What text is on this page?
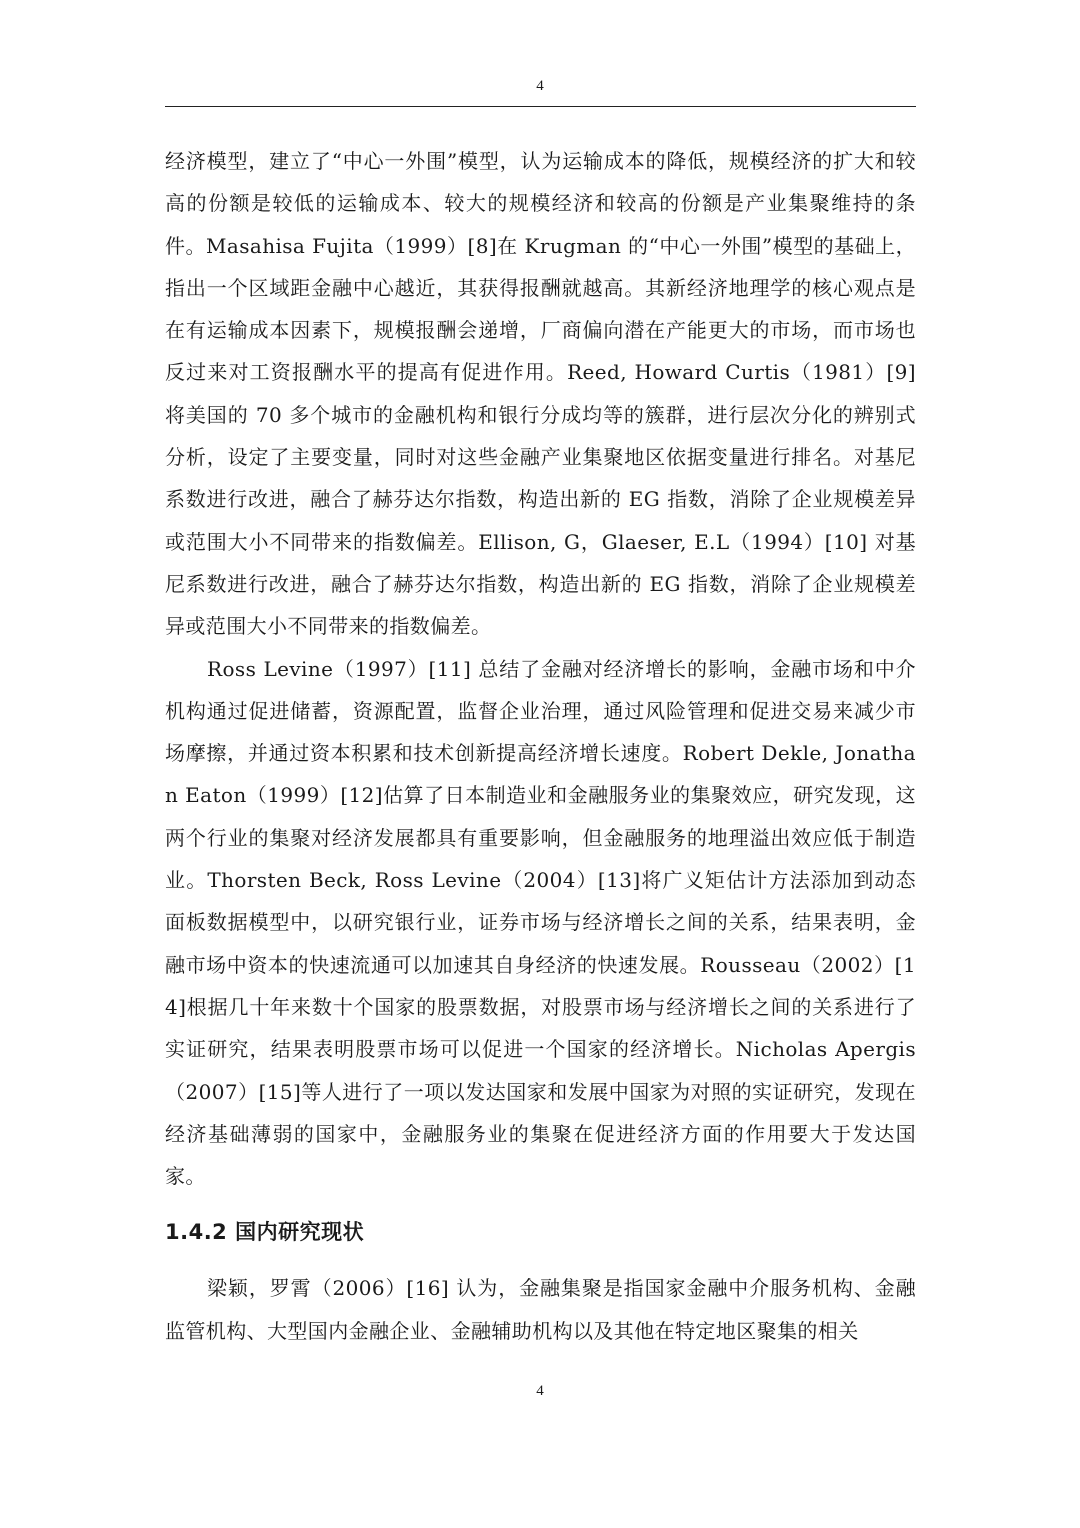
4

经济模型，建立了“中心一外围”模型，认为运输成本的降低，规模经济的扩大和较高的份额是较低的运输成本、较大的规模经济和较高的份额是产业集聚维持的条件。Masahisa Fujita（1999）[8]在 Krugman 的“中心一外围”模型的基础上，指出一个区域距金融中心越近，其获得报酬就越高。其新经济地理学的核心观点是在有运输成本因素下，规模报酬会递增，厂商偏向潜在产能更大的市场，而市场也反过来对工资报酬水平的提高有促进作用。Reed, Howard Curtis（1981）[9]将美国的 70 多个城市的金融机构和银行分成均等的簇群，进行层次分化的辨别式分析，设定了主要变量，同时对这些金融产业集聚地区依据变量进行排名。对基尼系数进行改进，融合了赫芬达尔指数，构造出新的 EG 指数，消除了企业规模差异或范围大小不同带来的指数偏差。Ellison, G，Glaeser, E.L（1994）[10] 对基尼系数进行改进，融合了赫芬达尔指数，构造出新的 EG 指数，消除了企业规模差异或范围大小不同带来的指数偏差。

Ross Levine（1997）[11] 总结了金融对经济增长的影响，金融市场和中介机构通过促进储蓄，资源配置，监督企业治理，通过风险管理和促进交易来减少市场摩擦，并通过资本积累和技术创新提高经济增长速度。Robert Dekle, Jonathan Eaton（1999）[12]估算了日本制造业和金融服务业的集聚效应，研究发现，这两个行业的集聚对经济发展都具有重要影响，但金融服务的地理溢出效应低于制造业。Thorsten Beck, Ross Levine（2004）[13]将广义矩估计方法添加到动态面板数据模型中，以研究银行业，证券市场与经济增长之间的关系，结果表明，金融市场中资本的快速流通可以加速其自身经济的快速发展。Rousseau（2002）[14]根据几十年来数十个国家的股票数据，对股票市场与经济增长之间的关系进行了实证研究，结果表明股票市场可以促进一个国家的经济增长。Nicholas Apergis（2007）[15]等人进行了一项以发达国家和发展中国家为对照的实证研究，发现在经济基础薄弱的国家中，金融服务业的集聚在促进经济方面的作用要大于发达国家。

1.4.2 国内研究现状

梁颖，罗霄（2006）[16] 认为，金融集聚是指国家金融中介服务机构、金融监管机构、大型国内金融企业、金融辅助机构以及其他在特定地区聚集的相关

4
